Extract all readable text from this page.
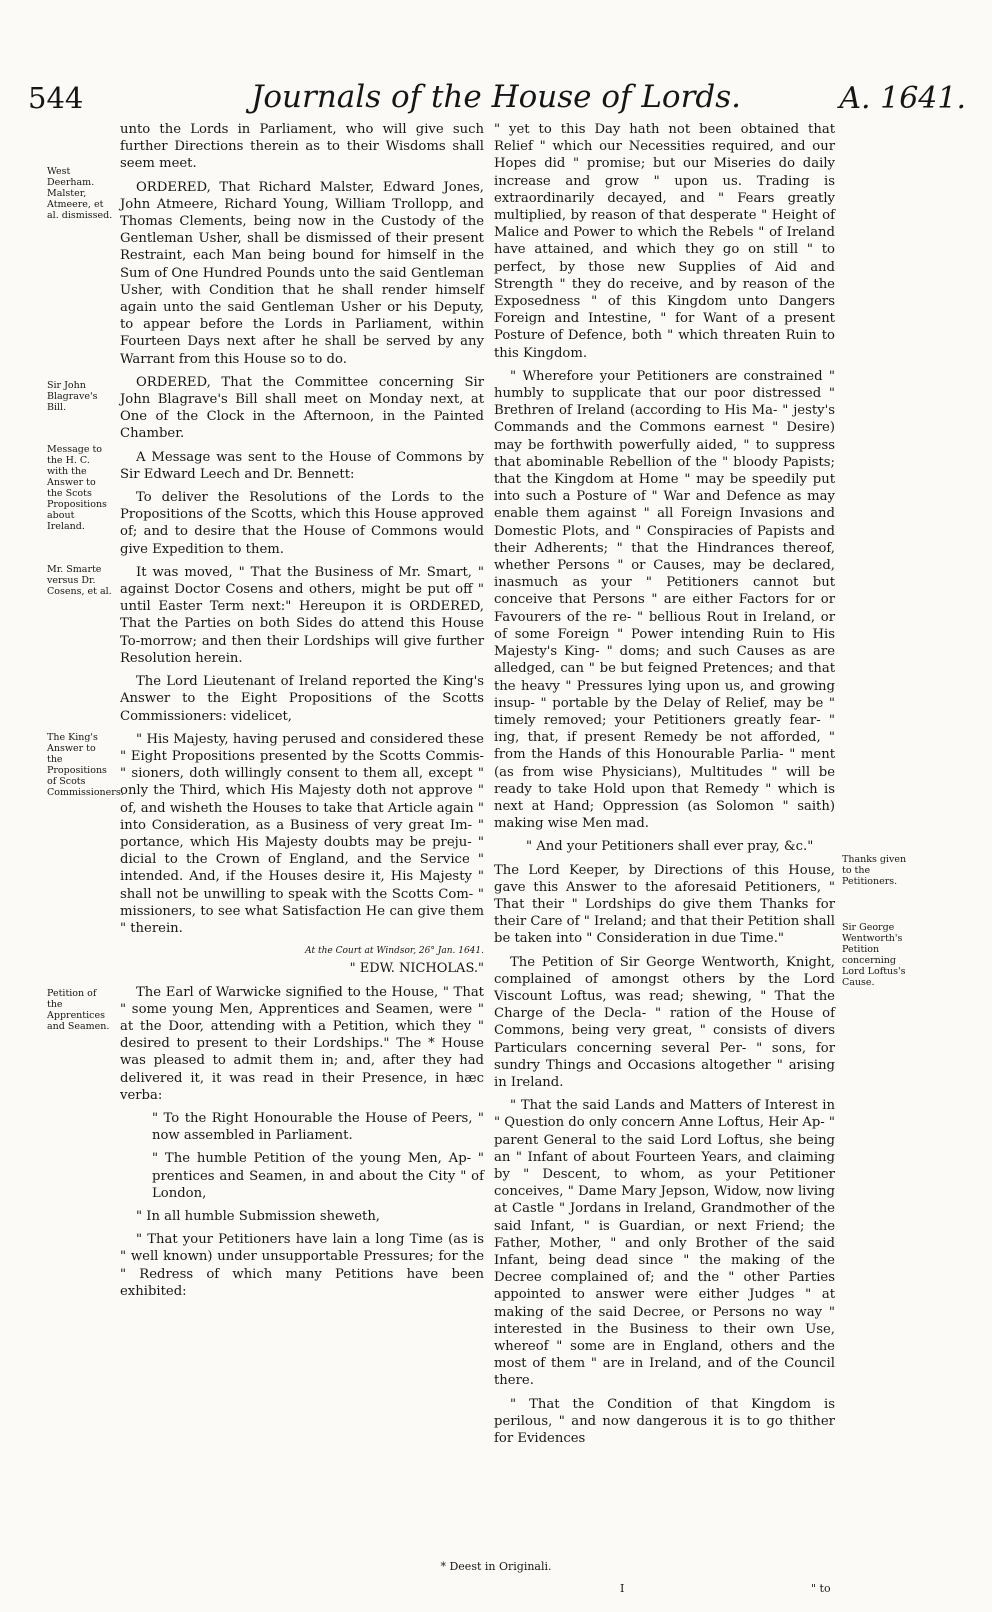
544	Journals of the House of Lords.	A. 1641.
West Deerham. Malster, Atmeere, et al. dismissed.
Sir John Blagrave's Bill.
Message to the H. C. with the Answer to the Scots Propositions about Ireland.
Mr. Smarte versus Dr. Cosens, et al.
The King's Answer to the Propositions of Scots Commissioners.
Petition of the Apprentices and Seamen.
Thanks given to the Petitioners.
Sir George Wentworth's Petition concerning Lord Loftus's Cause.

unto the Lords in Parliament, who will give such further Directions therein as to their Wisdoms shall seem meet.

ORDERED, That Richard Malster, Edward Jones, John Atmeere, Richard Young, William Trollopp, and Thomas Clements, being now in the Custody of the Gentleman Usher, shall be dismissed of their present Restraint, each Man being bound for himself in the Sum of One Hundred Pounds unto the said Gentleman Usher, with Condition that he shall render himself again unto the said Gentleman Usher or his Deputy, to appear before the Lords in Parliament, within Fourteen Days next after he shall be served by any Warrant from this House so to do.

ORDERED, That the Committee concerning Sir John Blagrave's Bill shall meet on Monday next, at One of the Clock in the Afternoon, in the Painted Chamber.

A Message was sent to the House of Commons by Sir Edward Leech and Dr. Bennett:

To deliver the Resolutions of the Lords to the Propositions of the Scotts, which this House approved of; and to desire that the House of Commons would give Expedition to them.

It was moved, " That the Business of Mr. Smart, " against Doctor Cosens and others, might be put off " until Easter Term next:" Hereupon it is ORDERED, That the Parties on both Sides do attend this House To-morrow; and then their Lordships will give further Resolution herein.

The Lord Lieutenant of Ireland reported the King's Answer to the Eight Propositions of the Scotts Commissioners: videlicet,

" His Majesty, having perused and considered these " Eight Propositions presented by the Scotts Commis- " sioners, doth willingly consent to them all, except " only the Third, which His Majesty doth not approve " of, and wisheth the Houses to take that Article again " into Consideration, as a Business of very great Im- " portance, which His Majesty doubts may be preju- " dicial to the Crown of England, and the Service " intended. And, if the Houses desire it, His Majesty " shall not be unwilling to speak with the Scotts Com- " missioners, to see what Satisfaction He can give them " therein.

At the Court at Windsor, 26° Jan. 1641.
" EDW. NICHOLAS."

The Earl of Warwicke signified to the House, " That " some young Men, Apprentices and Seamen, were " at the Door, attending with a Petition, which they " desired to present to their Lordships." The * House was pleased to admit them in; and, after they had delivered it, it was read in their Presence, in hæc verba:

" To the Right Honourable the House of Peers, " now assembled in Parliament.

" The humble Petition of the young Men, Ap- " prentices and Seamen, in and about the City " of London,

" In all humble Submission sheweth,

" That your Petitioners have lain a long Time (as is " well known) under unsupportable Pressures; for the " Redress of which many Petitions have been exhibited:

" yet to this Day hath not been obtained that Relief " which our Necessities required, and our Hopes did " promise; but our Miseries do daily increase and grow " upon us. Trading is extraordinarily decayed, and " Fears greatly multiplied, by reason of that desperate " Height of Malice and Power to which the Rebels " of Ireland have attained, and which they go on still " to perfect, by those new Supplies of Aid and Strength " they do receive, and by reason of the Exposedness " of this Kingdom unto Dangers Foreign and Intestine, " for Want of a present Posture of Defence, both " which threaten Ruin to this Kingdom.

" Wherefore your Petitioners are constrained " humbly to supplicate that our poor distressed " Brethren of Ireland (according to His Ma- " jesty's Commands and the Commons earnest " Desire) may be forthwith powerfully aided, " to suppress that abominable Rebellion of the " bloody Papists; that the Kingdom at Home " may be speedily put into such a Posture of " War and Defence as may enable them against " all Foreign Invasions and Domestic Plots, and " Conspiracies of Papists and their Adherents; " that the Hindrances thereof, whether Persons " or Causes, may be declared, inasmuch as your " Petitioners cannot but conceive that Persons " are either Factors for or Favourers of the re- " bellious Rout in Ireland, or of some Foreign " Power intending Ruin to His Majesty's King- " doms; and such Causes as are alledged, can " be but feigned Pretences; and that the heavy " Pressures lying upon us, and growing insup- " portable by the Delay of Relief, may be " timely removed; your Petitioners greatly fear- " ing, that, if present Remedy be not afforded, " from the Hands of this Honourable Parlia- " ment (as from wise Physicians), Multitudes " will be ready to take Hold upon that Remedy " which is next at Hand; Oppression (as Solomon " saith) making wise Men mad.

" And your Petitioners shall ever pray, &c."

The Lord Keeper, by Directions of this House, gave this Answer to the aforesaid Petitioners, " That their " Lordships do give them Thanks for their Care of " Ireland; and that their Petition shall be taken into " Consideration in due Time."

The Petition of Sir George Wentworth, Knight, complained of amongst others by the Lord Viscount Loftus, was read; shewing, " That the Charge of the Decla- " ration of the House of Commons, being very great, " consists of divers Particulars concerning several Per- " sons, for sundry Things and Occasions altogether " arising in Ireland.

" That the said Lands and Matters of Interest in " Question do only concern Anne Loftus, Heir Ap- " parent General to the said Lord Loftus, she being an " Infant of about Fourteen Years, and claiming by " Descent, to whom, as your Petitioner conceives, " Dame Mary Jepson, Widow, now living at Castle " Jordans in Ireland, Grandmother of the said Infant, " is Guardian, or next Friend; the Father, Mother, " and only Brother of the said Infant, being dead since " the making of the Decree complained of; and the " other Parties appointed to answer were either Judges " at making of the said Decree, or Persons no way " interested in the Business to their own Use, whereof " some are in England, others and the most of them " are in Ireland, and of the Council there.

" That the Condition of that Kingdom is perilous, " and now dangerous it is to go thither for Evidences

* Deest in Originali.
I	" to
